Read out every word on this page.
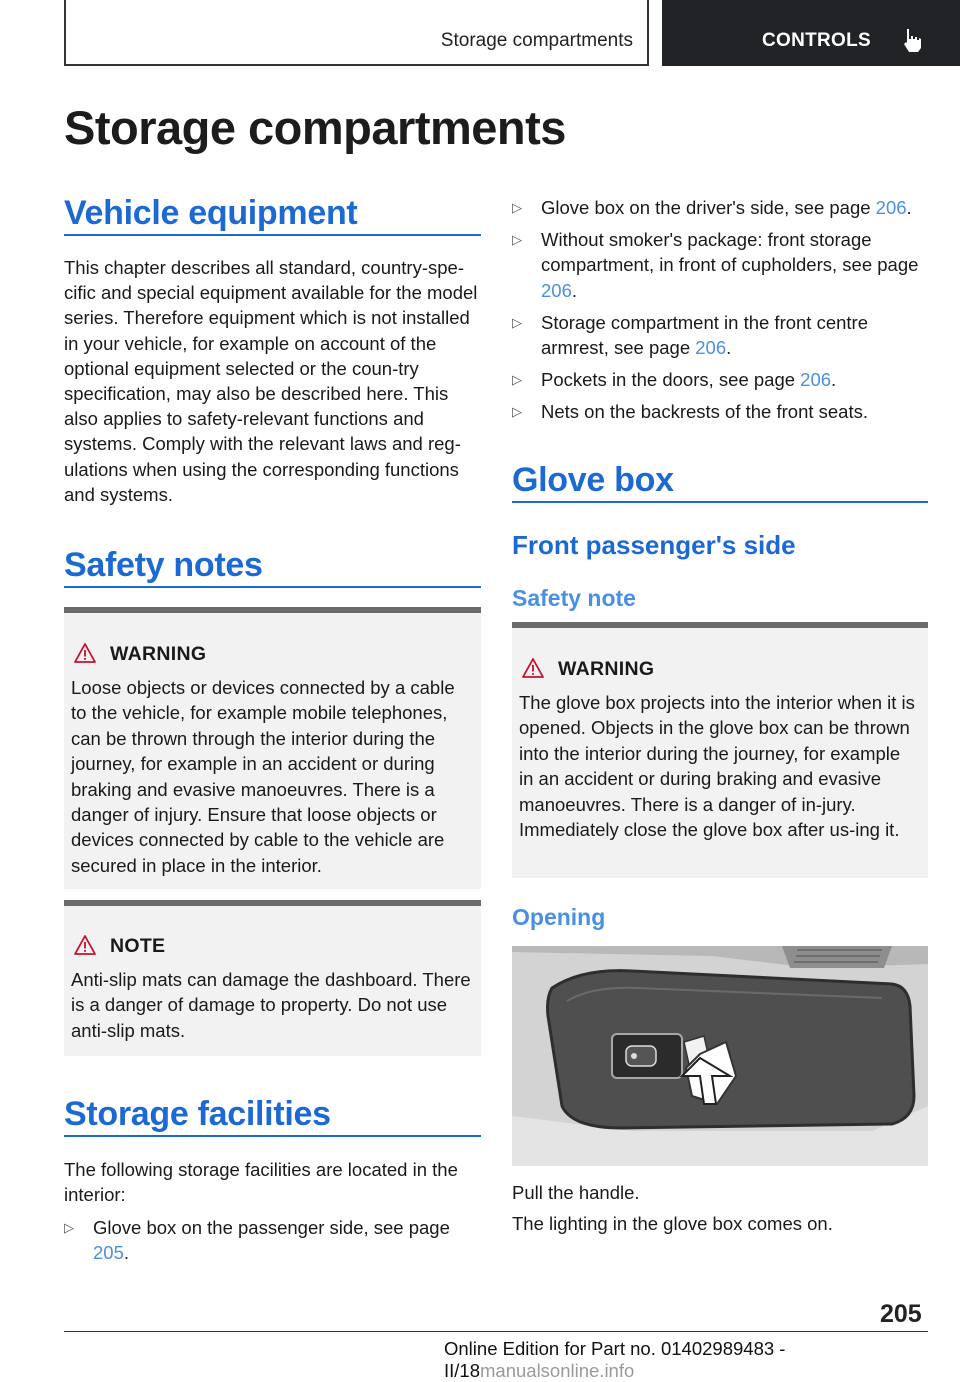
Storage compartments	CONTROLS
Storage compartments
Vehicle equipment

This chapter describes all standard, country-spe-cific and special equipment available for the model series. Therefore equipment which is not installed in your vehicle, for example on account of the optional equipment selected or the coun-try specification, may also be described here. This also applies to safety-relevant functions and systems. Comply with the relevant laws and reg-ulations when using the corresponding functions and systems.

Safety notes
WARNING

Loose objects or devices connected by a cable to the vehicle, for example mobile telephones, can be thrown through the interior during the journey, for example in an accident or during braking and evasive manoeuvres. There is a danger of injury. Ensure that loose objects or devices connected by cable to the vehicle are secured in place in the interior.

NOTE

Anti-slip mats can damage the dashboard. There is a danger of damage to property. Do not use anti-slip mats.

Storage facilities

The following storage facilities are located in the interior:

▷ Glove box on the passenger side, see page 205.
▷ Glove box on the driver's side, see page 206.
▷ Without smoker's package: front storage compartment, in front of cupholders, see page 206.
▷ Storage compartment in the front centre armrest, see page 206.
▷ Pockets in the doors, see page 206.
▷ Nets on the backrests of the front seats.
Glove box
Front passenger's side
Safety note
WARNING

The glove box projects into the interior when it is opened. Objects in the glove box can be thrown into the interior during the journey, for example in an accident or during braking and evasive manoeuvres. There is a danger of in-jury. Immediately close the glove box after us-ing it.

Opening

Pull the handle.

The lighting in the glove box comes on.

205
Online Edition for Part no. 01402989483 - II/18manualsonline.info
